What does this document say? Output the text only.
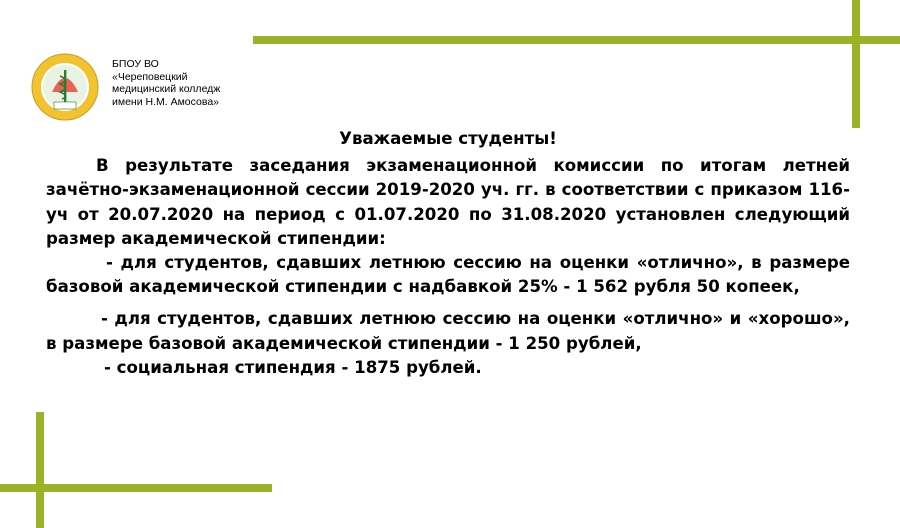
БПОУ ВО
«Череповецкий
медицинский колледж
имени Н.М. Амосова»

Уважаемые студенты!

В результате заседания экзаменационной комиссии по итогам летней зачётно-экзаменационной сессии 2019-2020 уч. гг. в соответствии с приказом 116-уч от 20.07.2020 на период с 01.07.2020 по 31.08.2020 установлен следующий размер академической стипендии:

- для студентов, сдавших летнюю сессию на оценки «отлично», в размере базовой академической стипендии с надбавкой 25% - 1 562 рубля 50 копеек,

- для студентов, сдавших летнюю сессию на оценки «отлично» и «хорошо», в размере базовой академической стипендии - 1 250 рублей,

- социальная стипендия - 1875 рублей.
